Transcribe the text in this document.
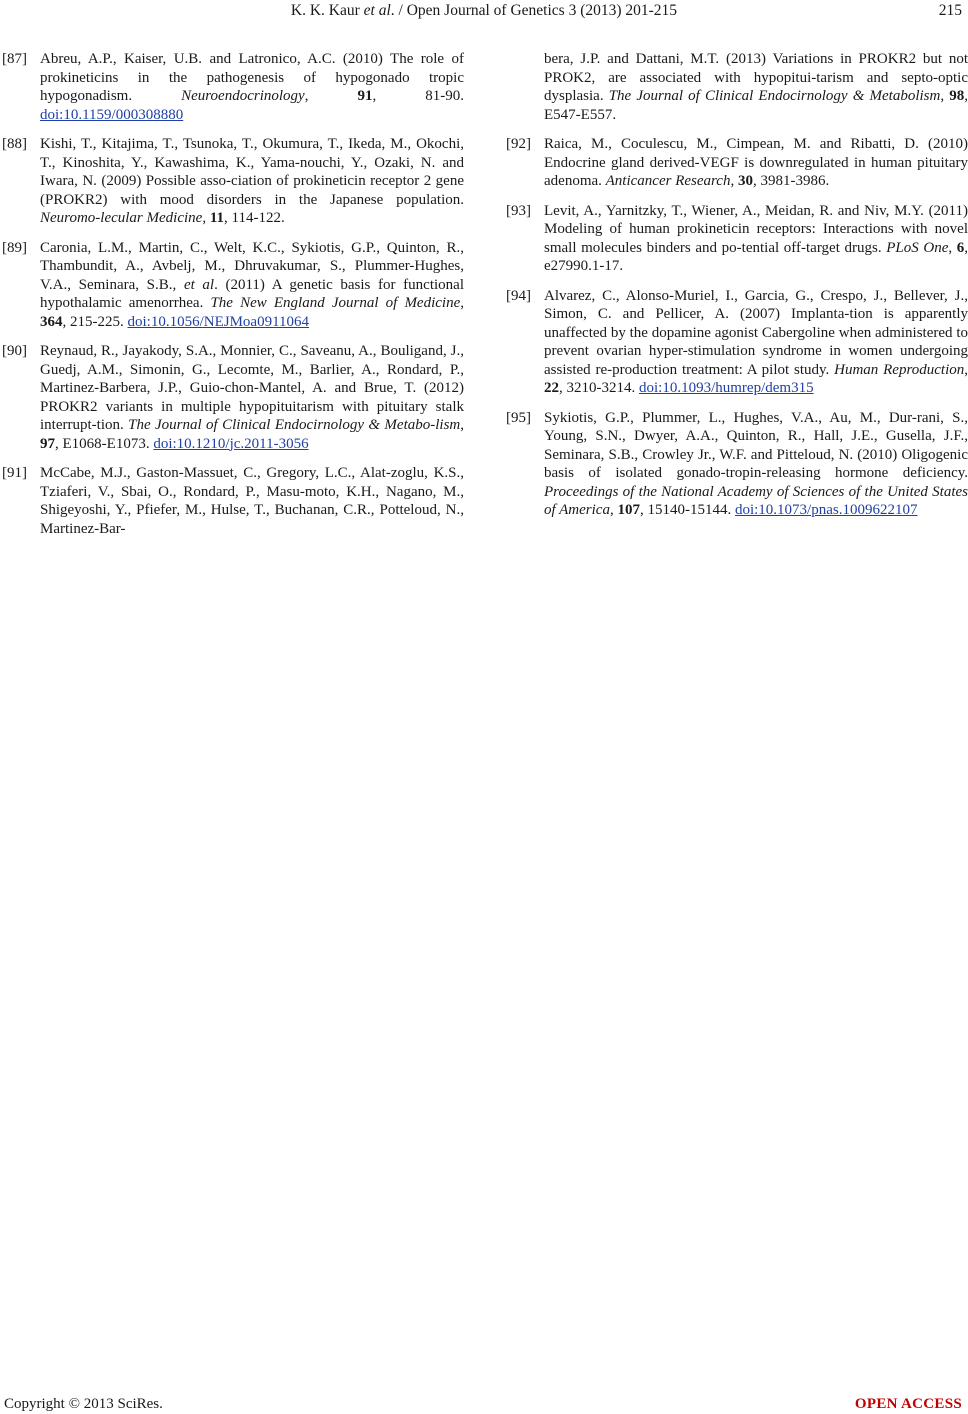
K. K. Kaur et al. / Open Journal of Genetics 3 (2013) 201-215	215
[87] Abreu, A.P., Kaiser, U.B. and Latronico, A.C. (2010) The role of prokineticins in the pathogenesis of hypogonado tropic hypogonadism. Neuroendocrinology, 91, 81-90. doi:10.1159/000308880
[88] Kishi, T., Kitajima, T., Tsunoka, T., Okumura, T., Ikeda, M., Okochi, T., Kinoshita, Y., Kawashima, K., Yama-nouchi, Y., Ozaki, N. and Iwara, N. (2009) Possible asso-ciation of prokineticin receptor 2 gene (PROKR2) with mood disorders in the Japanese population. Neuromo-lecular Medicine, 11, 114-122.
[89] Caronia, L.M., Martin, C., Welt, K.C., Sykiotis, G.P., Quinton, R., Thambundit, A., Avbelj, M., Dhruvakumar, S., Plummer-Hughes, V.A., Seminara, S.B., et al. (2011) A genetic basis for functional hypothalamic amenorrhea. The New England Journal of Medicine, 364, 215-225. doi:10.1056/NEJMoa0911064
[90] Reynaud, R., Jayakody, S.A., Monnier, C., Saveanu, A., Bouligand, J., Guedj, A.M., Simonin, G., Lecomte, M., Barlier, A., Rondard, P., Martinez-Barbera, J.P., Guio-chon-Mantel, A. and Brue, T. (2012) PROKR2 variants in multiple hypopituitarism with pituitary stalk interrupt-tion. The Journal of Clinical Endocirnology & Metabo-lism, 97, E1068-E1073. doi:10.1210/jc.2011-3056
[91] McCabe, M.J., Gaston-Massuet, C., Gregory, L.C., Alat-zoglu, K.S., Tziaferi, V., Sbai, O., Rondard, P., Masu-moto, K.H., Nagano, M., Shigeyoshi, Y., Pfiefer, M., Hulse, T., Buchanan, C.R., Potteloud, N., Martinez-Bar-
bera, J.P. and Dattani, M.T. (2013) Variations in PROKR2 but not PROK2, are associated with hypopitui-tarism and septo-optic dysplasia. The Journal of Clinical Endocirnology & Metabolism, 98, E547-E557.
[92] Raica, M., Coculescu, M., Cimpean, M. and Ribatti, D. (2010) Endocrine gland derived-VEGF is downregulated in human pituitary adenoma. Anticancer Research, 30, 3981-3986.
[93] Levit, A., Yarnitzky, T., Wiener, A., Meidan, R. and Niv, M.Y. (2011) Modeling of human prokineticin receptors: Interactions with novel small molecules binders and po-tential off-target drugs. PLoS One, 6, e27990.1-17.
[94] Alvarez, C., Alonso-Muriel, I., Garcia, G., Crespo, J., Bellever, J., Simon, C. and Pellicer, A. (2007) Implanta-tion is apparently unaffected by the dopamine agonist Cabergoline when administered to prevent ovarian hyper-stimulation syndrome in women undergoing assisted re-production treatment: A pilot study. Human Reproduction, 22, 3210-3214. doi:10.1093/humrep/dem315
[95] Sykiotis, G.P., Plummer, L., Hughes, V.A., Au, M., Dur-rani, S., Young, S.N., Dwyer, A.A., Quinton, R., Hall, J.E., Gusella, J.F., Seminara, S.B., Crowley Jr., W.F. and Pitteloud, N. (2010) Oligogenic basis of isolated gonado-tropin-releasing hormone deficiency. Proceedings of the National Academy of Sciences of the United States of America, 107, 15140-15144. doi:10.1073/pnas.1009622107
Copyright © 2013 SciRes.	OPEN ACCESS
